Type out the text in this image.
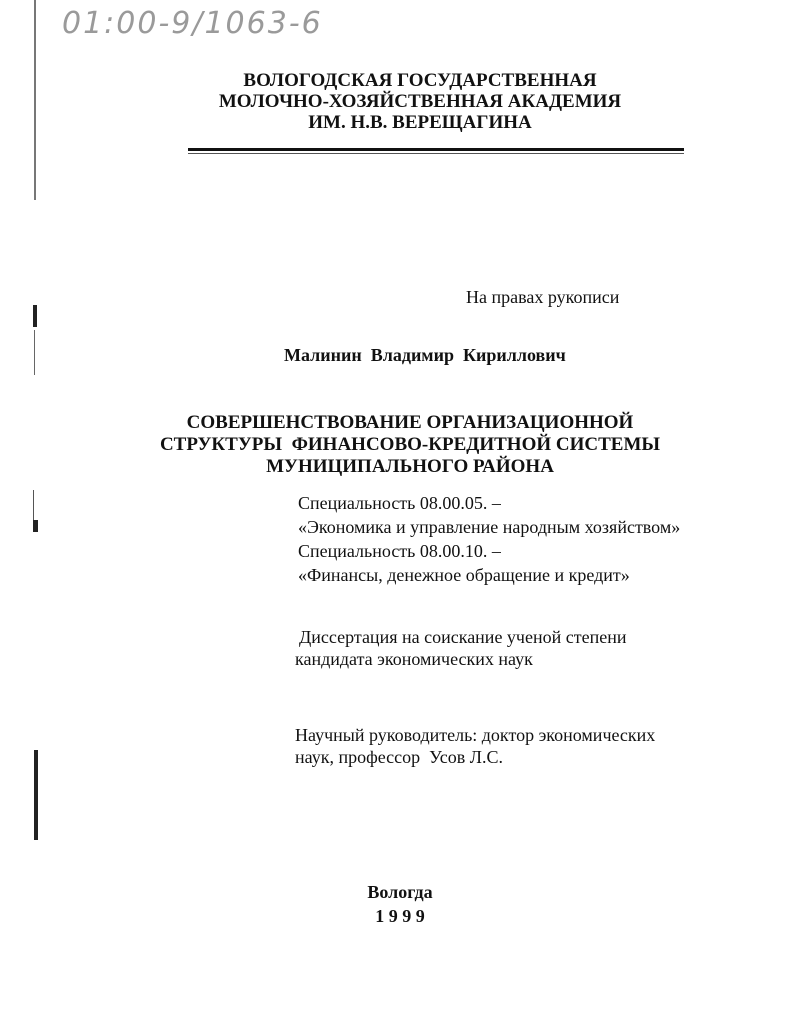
01:00-9/1063-6
ВОЛОГОДСКАЯ ГОСУДАРСТВЕННАЯ
МОЛОЧНО-ХОЗЯЙСТВЕННАЯ АКАДЕМИЯ
ИМ. Н.В. ВЕРЕЩАГИНА
На правах рукописи
Малинин  Владимир  Кириллович
СОВЕРШЕНСТВОВАНИЕ ОРГАНИЗАЦИОННОЙ
СТРУКТУРЫ  ФИНАНСОВО-КРЕДИТНОЙ СИСТЕМЫ
МУНИЦИПАЛЬНОГО РАЙОНА
Специальность 08.00.05. –
«Экономика и управление народным хозяйством»
Специальность 08.00.10. –
«Финансы, денежное обращение и кредит»
Диссертация на соискание ученой степени
кандидата экономических наук
Научный руководитель: доктор экономических
наук, профессор  Усов Л.С.
Вологда
1 9 9 9
